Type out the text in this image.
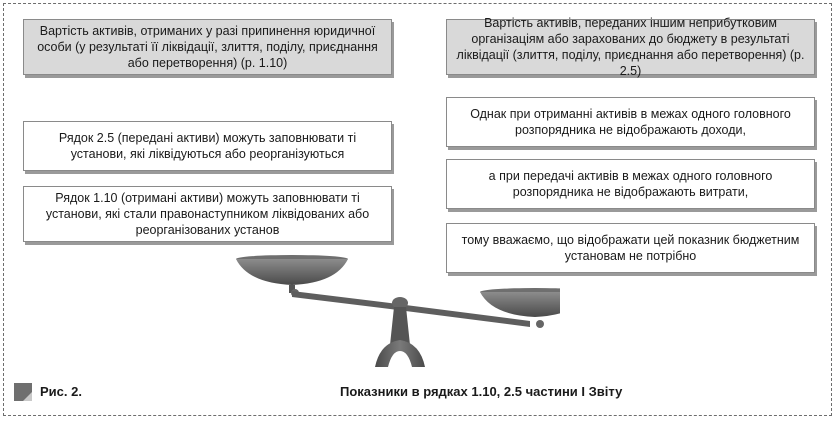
Вартість активів, отриманих у разі припинення юридичної особи (у результаті її ліквідації, злиття, поділу, приєднання або перетворення) (р. 1.10)
Вартість активів, переданих іншим неприбутковим організаціям або зарахованих до бюджету в результаті ліквідації (злиття, поділу, приєднання або перетворення) (р. 2.5)
Рядок 2.5 (передані активи) можуть заповнювати ті установи, які ліквідуються або реорганізуються
Рядок 1.10 (отримані активи) можуть заповнювати ті установи, які стали правонаступником ліквідованих або реорганізованих установ
Однак при отриманні активів в межах одного головного розпорядника не відображають доходи,
а при передачі активів в межах одного головного розпорядника не відображають витрати,
тому вважаємо, що відображати цей показник бюджетним установам не потрібно
Рис. 2.	Показники в рядках 1.10, 2.5 частини І Звіту
